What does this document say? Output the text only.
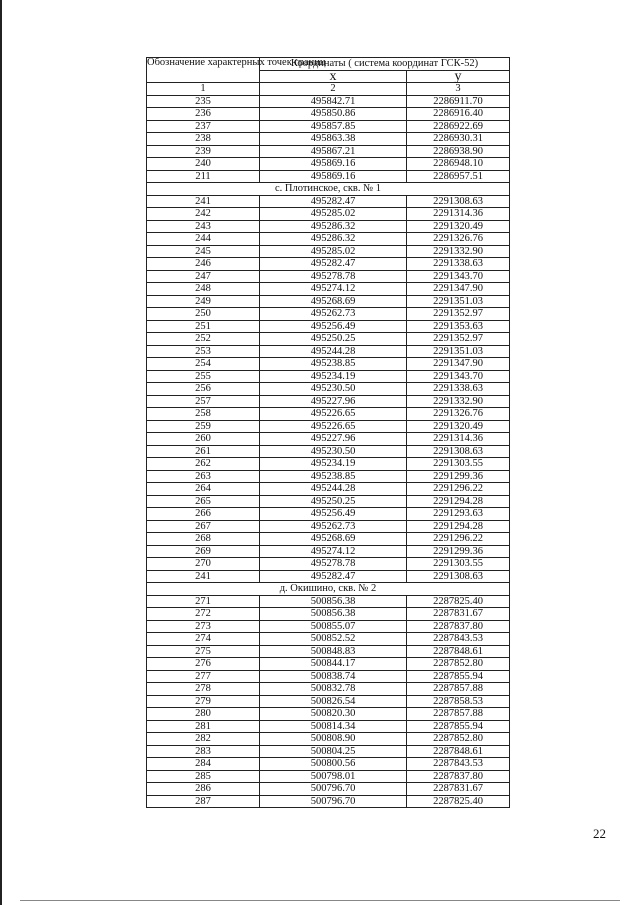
Обозначение характерных точек границ	Координаты ( система координат ГСК-52)	
	х	у
1	2	3
235	495842.71	2286911.70
236	495850.86	2286916.40
237	495857.85	2286922.69
238	495863.38	2286930.31
239	495867.21	2286938.90
240	495869.16	2286948.10
211	495869.16	2286957.51
с. Плотинское, скв. № 1		
241	495282.47	2291308.63
242	495285.02	2291314.36
243	495286.32	2291320.49
244	495286.32	2291326.76
245	495285.02	2291332.90
246	495282.47	2291338.63
247	495278.78	2291343.70
248	495274.12	2291347.90
249	495268.69	2291351.03
250	495262.73	2291352.97
251	495256.49	2291353.63
252	495250.25	2291352.97
253	495244.28	2291351.03
254	495238.85	2291347.90
255	495234.19	2291343.70
256	495230.50	2291338.63
257	495227.96	2291332.90
258	495226.65	2291326.76
259	495226.65	2291320.49
260	495227.96	2291314.36
261	495230.50	2291308.63
262	495234.19	2291303.55
263	495238.85	2291299.36
264	495244.28	2291296.22
265	495250.25	2291294.28
266	495256.49	2291293.63
267	495262.73	2291294.28
268	495268.69	2291296.22
269	495274.12	2291299.36
270	495278.78	2291303.55
241	495282.47	2291308.63
д. Окишино, скв. № 2		
271	500856.38	2287825.40
272	500856.38	2287831.67
273	500855.07	2287837.80
274	500852.52	2287843.53
275	500848.83	2287848.61
276	500844.17	2287852.80
277	500838.74	2287855.94
278	500832.78	2287857.88
279	500826.54	2287858.53
280	500820.30	2287857.88
281	500814.34	2287855.94
282	500808.90	2287852.80
283	500804.25	2287848.61
284	500800.56	2287843.53
285	500798.01	2287837.80
286	500796.70	2287831.67
287	500796.70	2287825.40
22
